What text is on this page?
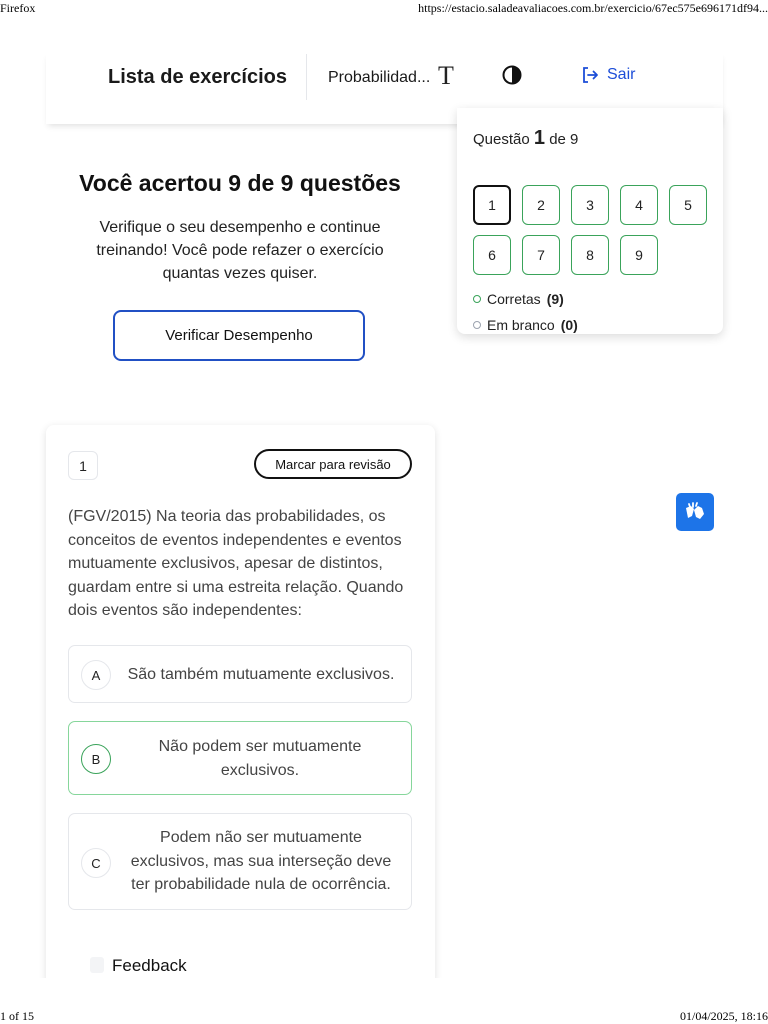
Firefox	https://estacio.saladeavaliacoes.com.br/exercicio/67ec575e696171df94...
Lista de exercícios	Probabilidad... T	Sair
Você acertou 9 de 9 questões
Verifique o seu desempenho e continue treinando! Você pode refazer o exercício quantas vezes quiser.
Verificar Desempenho
Questão 1 de 9
1	2	3	4	5
6	7	8	9
Corretas (9)
Em branco (0)
1	Marcar para revisão
(FGV/2015) Na teoria das probabilidades, os conceitos de eventos independentes e eventos mutuamente exclusivos, apesar de distintos, guardam entre si uma estreita relação. Quando dois eventos são independentes:
A	São também mutuamente exclusivos.
B
Não podem ser mutuamente exclusivos.
C
Podem não ser mutuamente exclusivos, mas sua interseção deve ter probabilidade nula de ocorrência.
Feedback
1 of 15	01/04/2025, 18:16
